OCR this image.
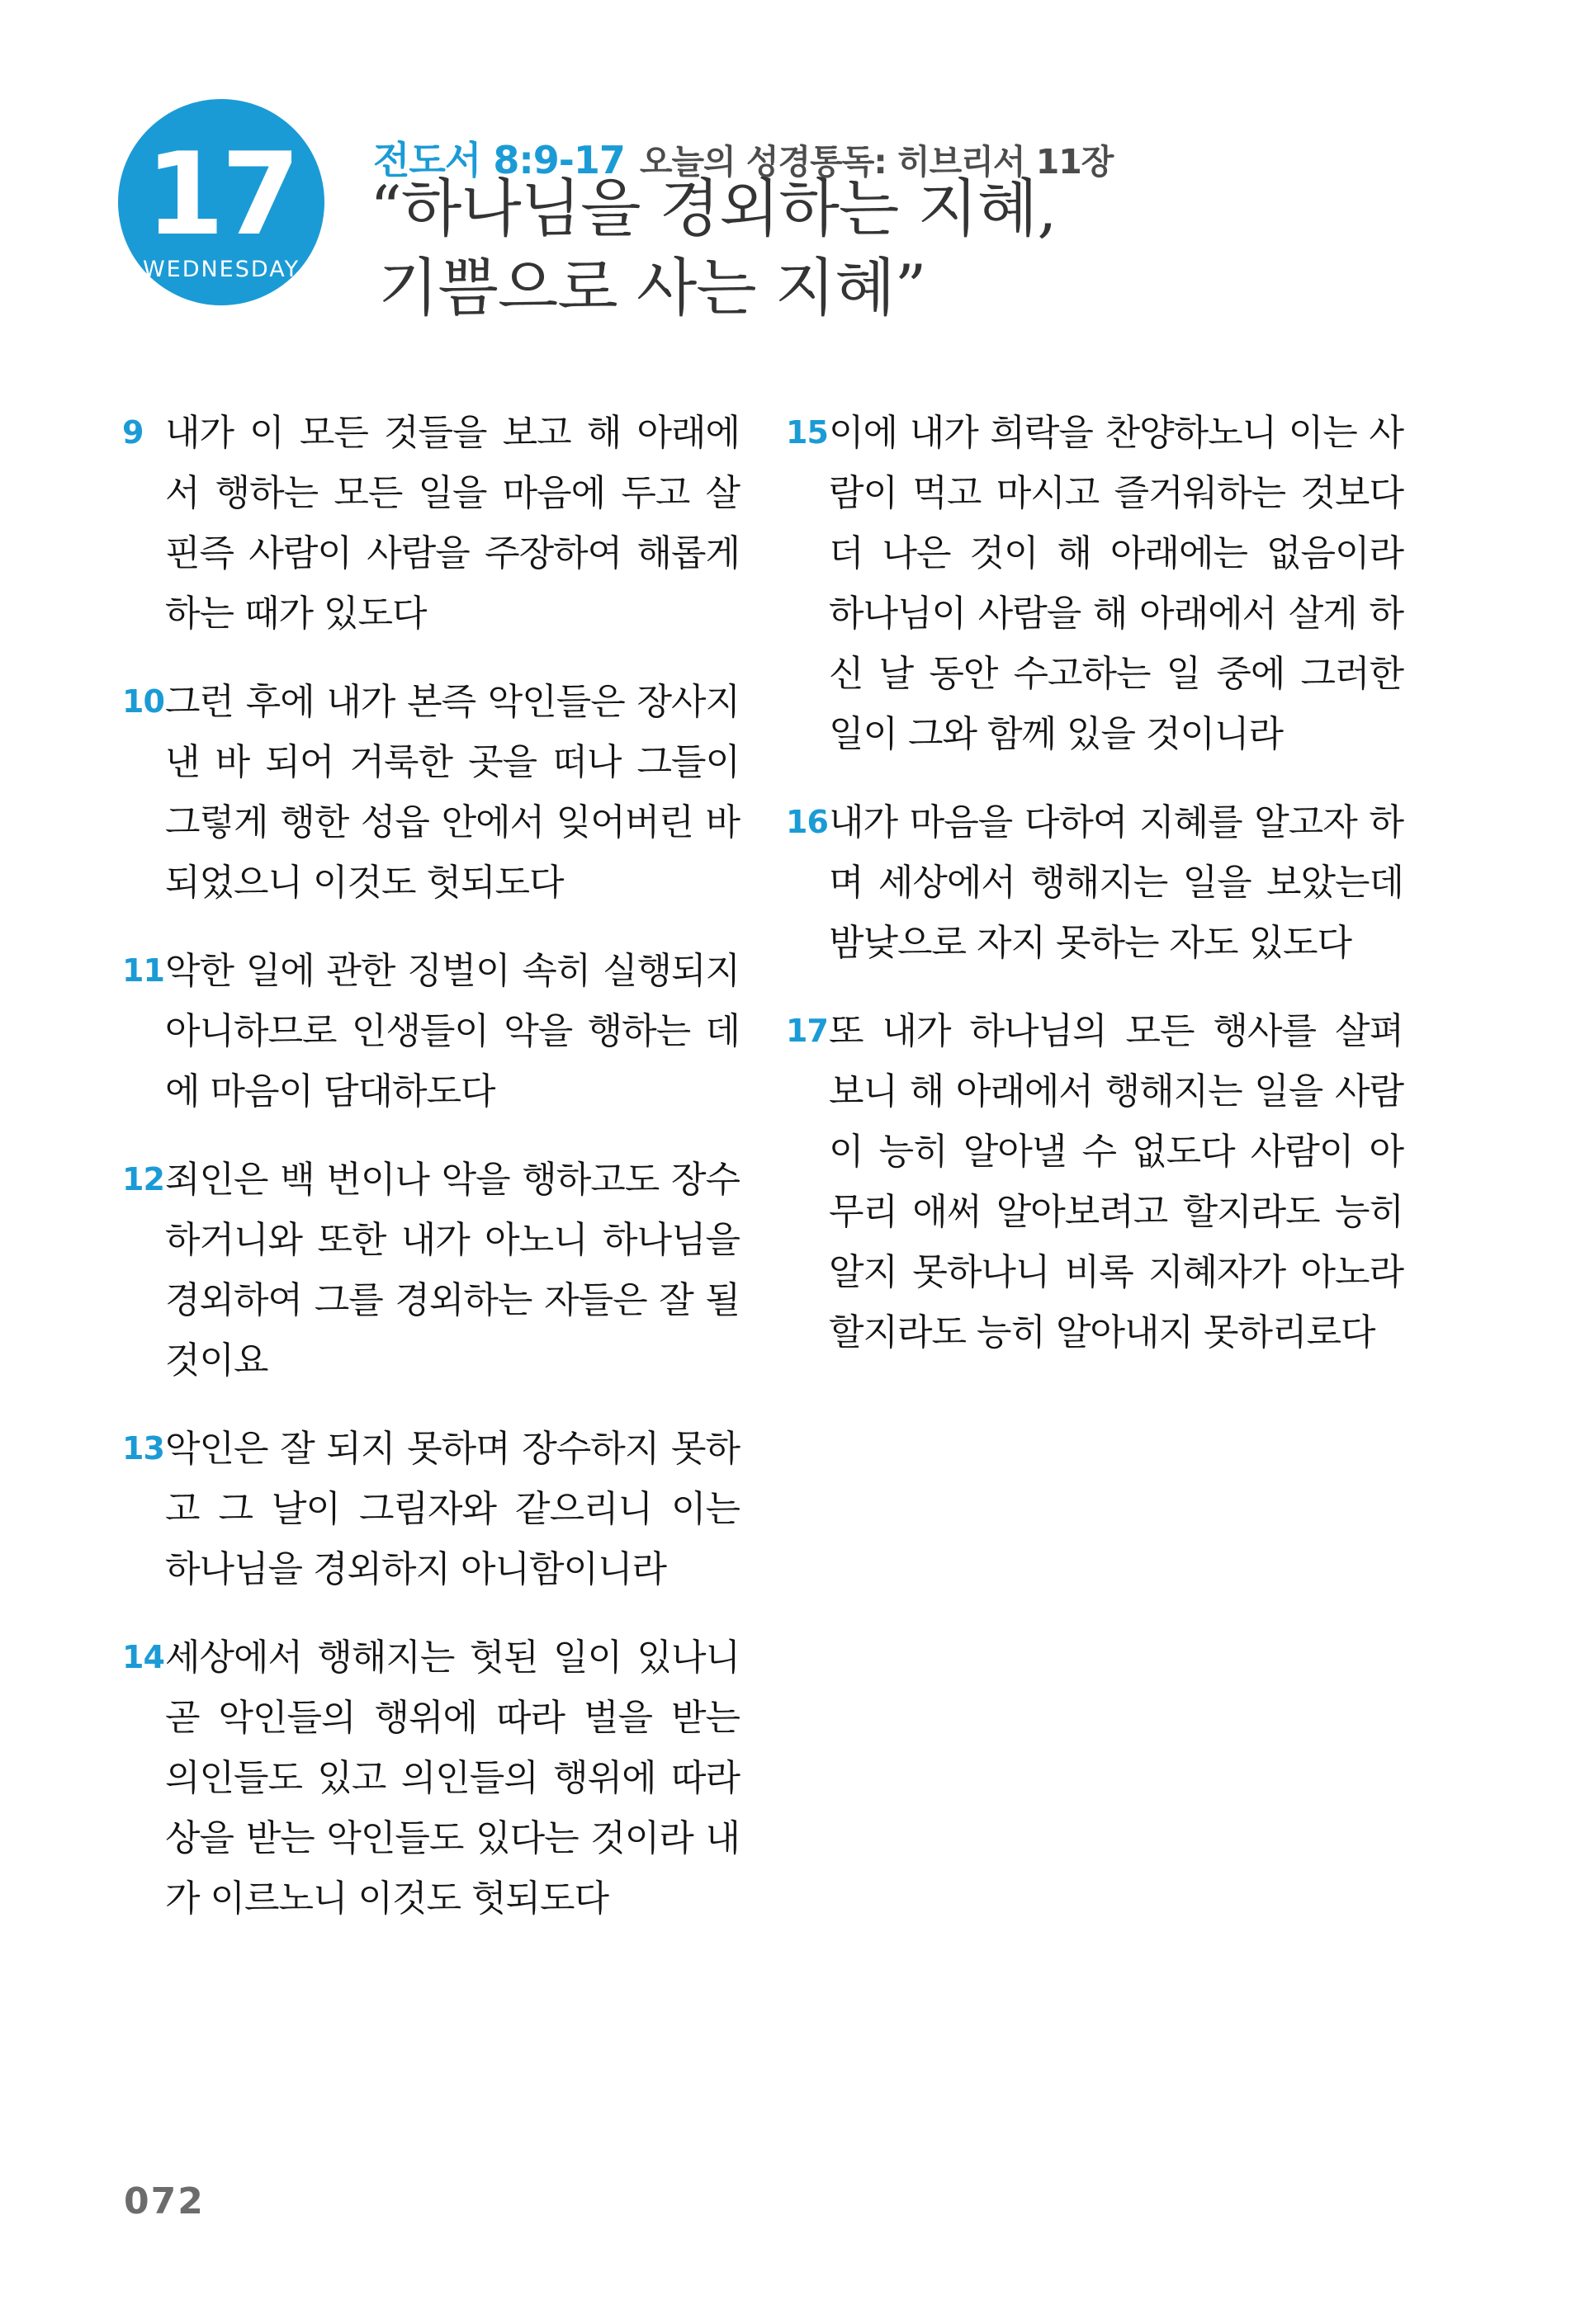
17
WEDNESDAY
전도서 8:9-17 오늘의 성경통독: 히브리서 11장
“하나님을 경외하는 지혜,
기쁨으로 사는 지혜”
9 내가 이 모든 것들을 보고 해 아래에서 행하는 모든 일을 마음에 두고 살핀즉 사람이 사람을 주장하여 해롭게 하는 때가 있도다

10 그런 후에 내가 본즉 악인들은 장사지낸 바 되어 거룩한 곳을 떠나 그들이 그렇게 행한 성읍 안에서 잊어버린 바 되었으니 이것도 헛되도다

11 악한 일에 관한 징벌이 속히 실행되지 아니하므로 인생들이 악을 행하는 데에 마음이 담대하도다

12 죄인은 백 번이나 악을 행하고도 장수하거니와 또한 내가 아노니 하나님을 경외하여 그를 경외하는 자들은 잘 될 것이요

13 악인은 잘 되지 못하며 장수하지 못하고 그 날이 그림자와 같으리니 이는 하나님을 경외하지 아니함이니라

14 세상에서 행해지는 헛된 일이 있나니 곧 악인들의 행위에 따라 벌을 받는 의인들도 있고 의인들의 행위에 따라 상을 받는 악인들도 있다는 것이라 내가 이르노니 이것도 헛되도다

15 이에 내가 희락을 찬양하노니 이는 사람이 먹고 마시고 즐거워하는 것보다 더 나은 것이 해 아래에는 없음이라 하나님이 사람을 해 아래에서 살게 하신 날 동안 수고하는 일 중에 그러한 일이 그와 함께 있을 것이니라

16 내가 마음을 다하여 지혜를 알고자 하며 세상에서 행해지는 일을 보았는데 밤낮으로 자지 못하는 자도 있도다

17 또 내가 하나님의 모든 행사를 살펴 보니 해 아래에서 행해지는 일을 사람이 능히 알아낼 수 없도다 사람이 아무리 애써 알아보려고 할지라도 능히 알지 못하나니 비록 지혜자가 아노라 할지라도 능히 알아내지 못하리로다

072
